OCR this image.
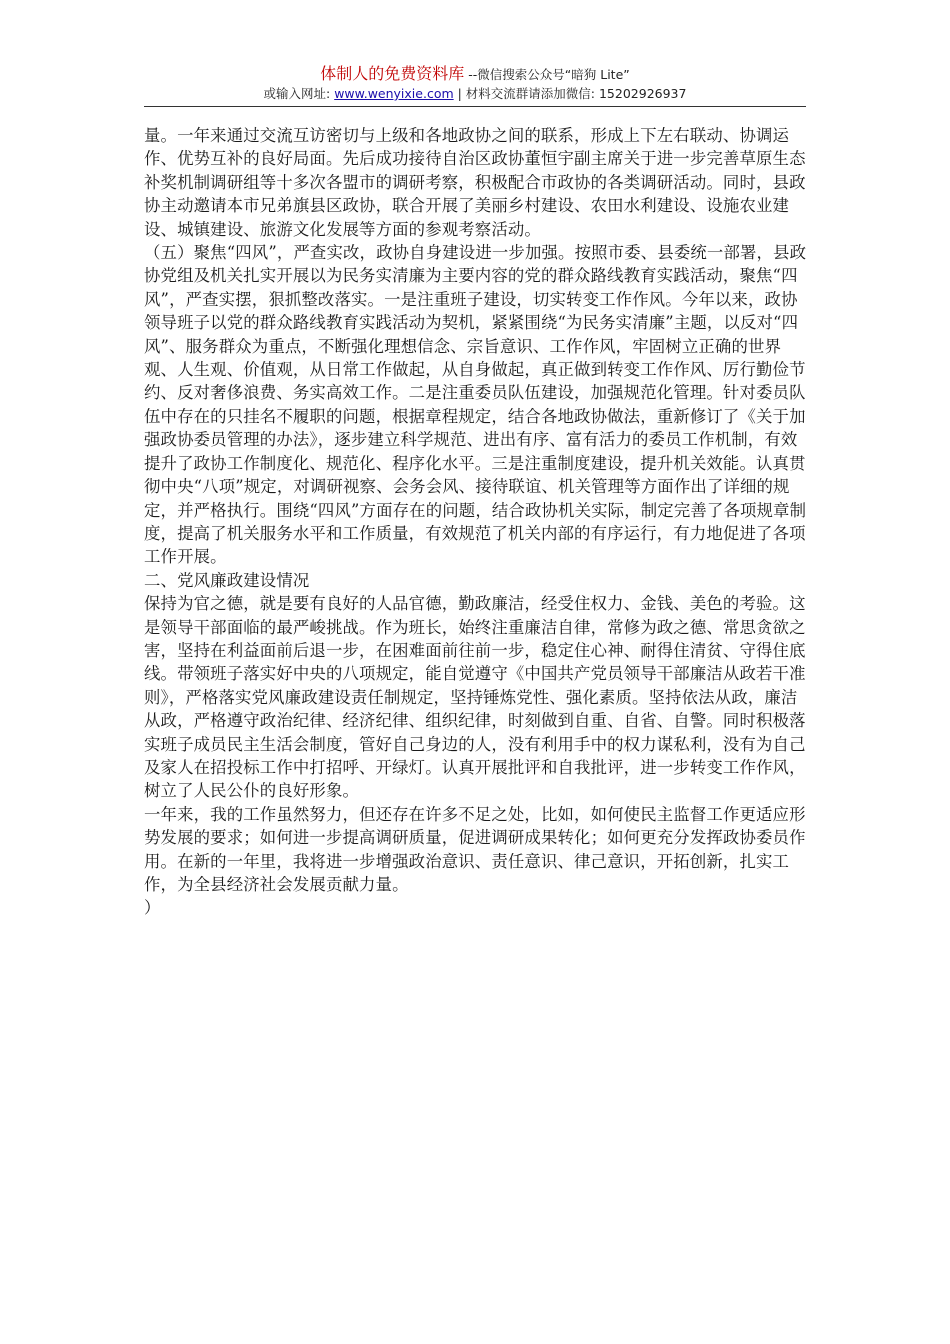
体制人的免费资料库 --微信搜索公众号“暗狗 Lite”
或输入网址: www.wenyixie.com | 材料交流群请添加微信: 15202926937

量。一年来通过交流互访密切与上级和各地政协之间的联系，形成上下左右联动、协调运作、优势互补的良好局面。先后成功接待自治区政协董恒宇副主席关于进一步完善草原生态补奖机制调研组等十多次各盟市的调研考察，积极配合市政协的各类调研活动。同时，县政协主动邀请本市兄弟旗县区政协，联合开展了美丽乡村建设、农田水利建设、设施农业建设、城镇建设、旅游文化发展等方面的参观考察活动。

（五）聚焦“四风”，严查实改，政协自身建设进一步加强。按照市委、县委统一部署，县政协党组及机关扎实开展以为民务实清廉为主要内容的党的群众路线教育实践活动，聚焦“四风”，严查实摆，狠抓整改落实。一是注重班子建设，切实转变工作作风。今年以来，政协领导班子以党的群众路线教育实践活动为契机，紧紧围绕“为民务实清廉”主题，以反对“四风”、服务群众为重点，不断强化理想信念、宗旨意识、工作作风，牢固树立正确的世界观、人生观、价值观，从日常工作做起，从自身做起，真正做到转变工作作风、厉行勤俭节约、反对奢侈浪费、务实高效工作。二是注重委员队伍建设，加强规范化管理。针对委员队伍中存在的只挂名不履职的问题，根据章程规定，结合各地政协做法，重新修订了《关于加强政协委员管理的办法》，逐步建立科学规范、进出有序、富有活力的委员工作机制，有效提升了政协工作制度化、规范化、程序化水平。三是注重制度建设，提升机关效能。认真贯彻中央“八项”规定，对调研视察、会务会风、接待联谊、机关管理等方面作出了详细的规定，并严格执行。围绕“四风”方面存在的问题，结合政协机关实际，制定完善了各项规章制度，提高了机关服务水平和工作质量，有效规范了机关内部的有序运行，有力地促进了各项工作开展。

二、党风廉政建设情况

保持为官之德，就是要有良好的人品官德，勤政廉洁，经受住权力、金钱、美色的考验。这是领导干部面临的最严峻挑战。作为班长，始终注重廉洁自律，常修为政之德、常思贪欲之害，坚持在利益面前后退一步，在困难面前往前一步，稳定住心神、耐得住清贫、守得住底线。带领班子落实好中央的八项规定，能自觉遵守《中国共产党员领导干部廉洁从政若干准则》，严格落实党风廉政建设责任制规定，坚持锤炼党性、强化素质。坚持依法从政，廉洁从政，严格遵守政治纪律、经济纪律、组织纪律，时刻做到自重、自省、自警。同时积极落实班子成员民主生活会制度，管好自己身边的人，没有利用手中的权力谋私利，没有为自己及家人在招投标工作中打招呼、开绿灯。认真开展批评和自我批评，进一步转变工作作风，树立了人民公仆的良好形象。

一年来，我的工作虽然努力，但还存在许多不足之处，比如，如何使民主监督工作更适应形势发展的要求；如何进一步提高调研质量，促进调研成果转化；如何更充分发挥政协委员作用。在新的一年里，我将进一步增强政治意识、责任意识、律己意识，开拓创新，扎实工作，为全县经济社会发展贡献力量。

）
